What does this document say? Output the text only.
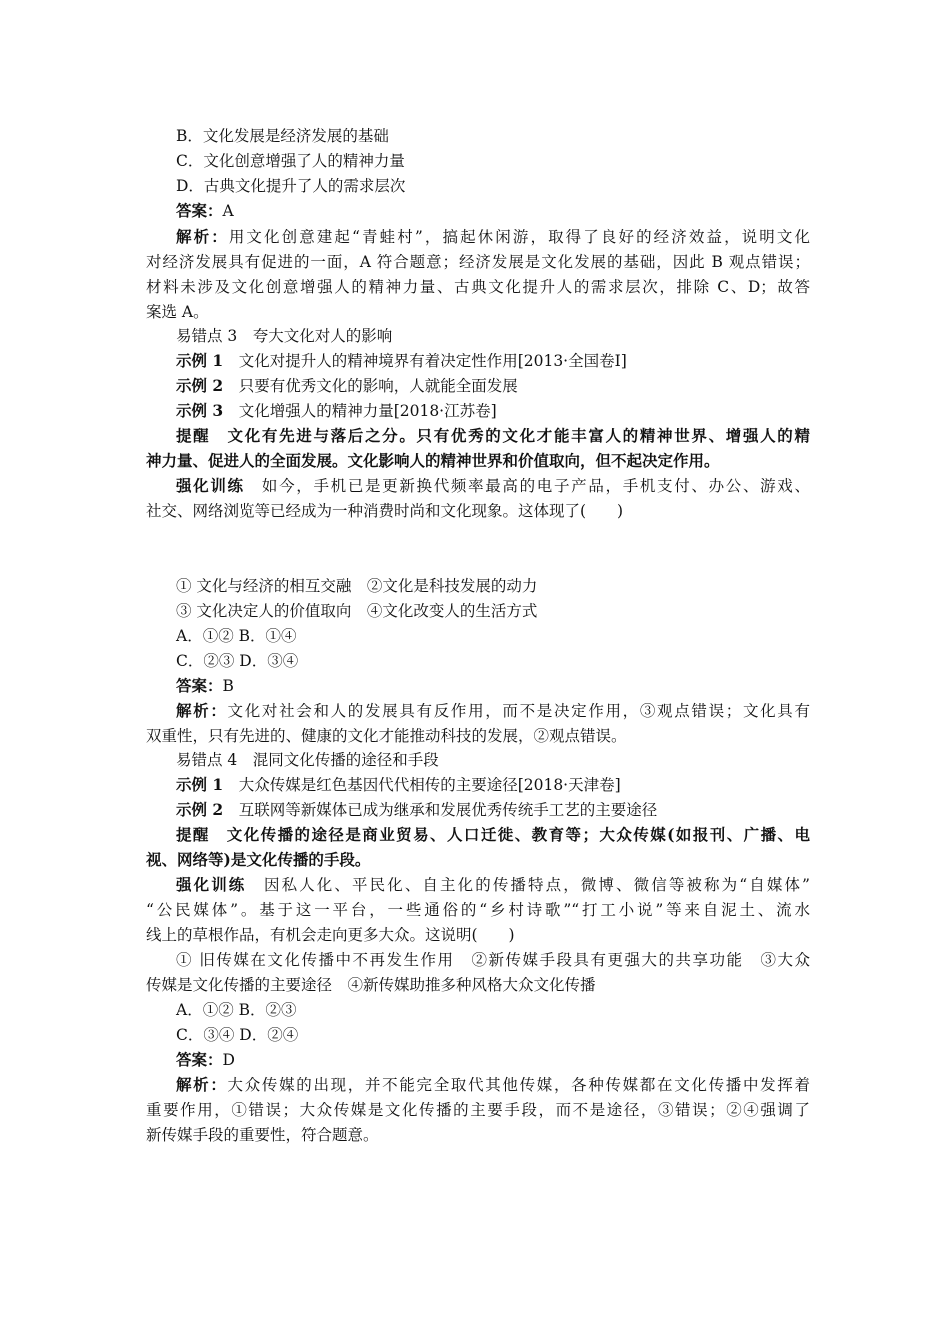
B．文化发展是经济发展的基础
C．文化创意增强了人的精神力量
D．古典文化提升了人的需求层次
答案：A
解析：用文化创意建起“青蛙村”，搞起休闲游，取得了良好的经济效益，说明文化
对经济发展具有促进的一面，A 符合题意；经济发展是文化发展的基础，因此 B 观点错误；
材料未涉及文化创意增强人的精神力量、古典文化提升人的需求层次，排除 C、D；故答
案选 A。
易错点 3　夸大文化对人的影响
示例 1　文化对提升人的精神境界有着决定性作用[2013·全国卷Ⅰ]
示例 2　只要有优秀文化的影响，人就能全面发展
示例 3　文化增强人的精神力量[2018·江苏卷]
提醒　文化有先进与落后之分。只有优秀的文化才能丰富人的精神世界、增强人的精
神力量、促进人的全面发展。文化影响人的精神世界和价值取向，但不起决定作用。
强化训练　如今，手机已是更新换代频率最高的电子产品，手机支付、办公、游戏、
社交、网络浏览等已经成为一种消费时尚和文化现象。这体现了(　　)
① 文化与经济的相互交融　②文化是科技发展的动力
③ 文化决定人的价值取向　④文化改变人的生活方式
A．①② B．①④
C．②③ D．③④
答案：B
解析：文化对社会和人的发展具有反作用，而不是决定作用，③观点错误；文化具有
双重性，只有先进的、健康的文化才能推动科技的发展，②观点错误。
易错点 4　混同文化传播的途径和手段
示例 1　大众传媒是红色基因代代相传的主要途径[2018·天津卷]
示例 2　互联网等新媒体已成为继承和发展优秀传统手工艺的主要途径
提醒　文化传播的途径是商业贸易、人口迁徙、教育等；大众传媒(如报刊、广播、电
视、网络等)是文化传播的手段。
强化训练　因私人化、平民化、自主化的传播特点，微博、微信等被称为“自媒体”
“公民媒体”。基于这一平台，一些通俗的“乡村诗歌”“打工小说”等来自泥土、流水
线上的草根作品，有机会走向更多大众。这说明(　　)
① 旧传媒在文化传播中不再发生作用　②新传媒手段具有更强大的共享功能　③大众
传媒是文化传播的主要途径　④新传媒助推多种风格大众文化传播
A．①② B．②③
C．③④ D．②④
答案：D
解析：大众传媒的出现，并不能完全取代其他传媒，各种传媒都在文化传播中发挥着
重要作用，①错误；大众传媒是文化传播的主要手段，而不是途径，③错误；②④强调了
新传媒手段的重要性，符合题意。
